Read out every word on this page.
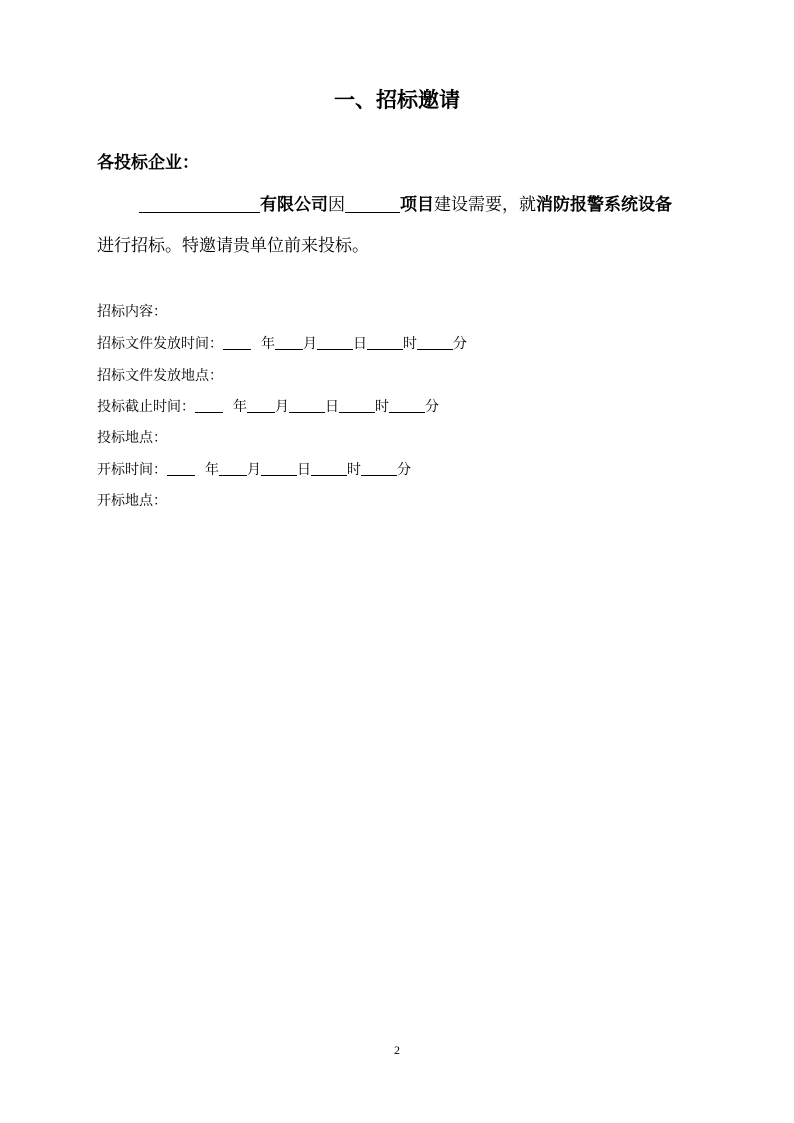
一、招标邀请
各投标企业：
有限公司因	项目建设需要，就消防报警系统设备
进行招标。特邀请贵单位前来投标。
招标内容：
招标文件发放时间：	年 月	日	时	分
招标文件发放地点：
投标截止时间：	年 月	日	时	分
投标地点：
开标时间：	年 月	日	时	分
开标地点：
2
